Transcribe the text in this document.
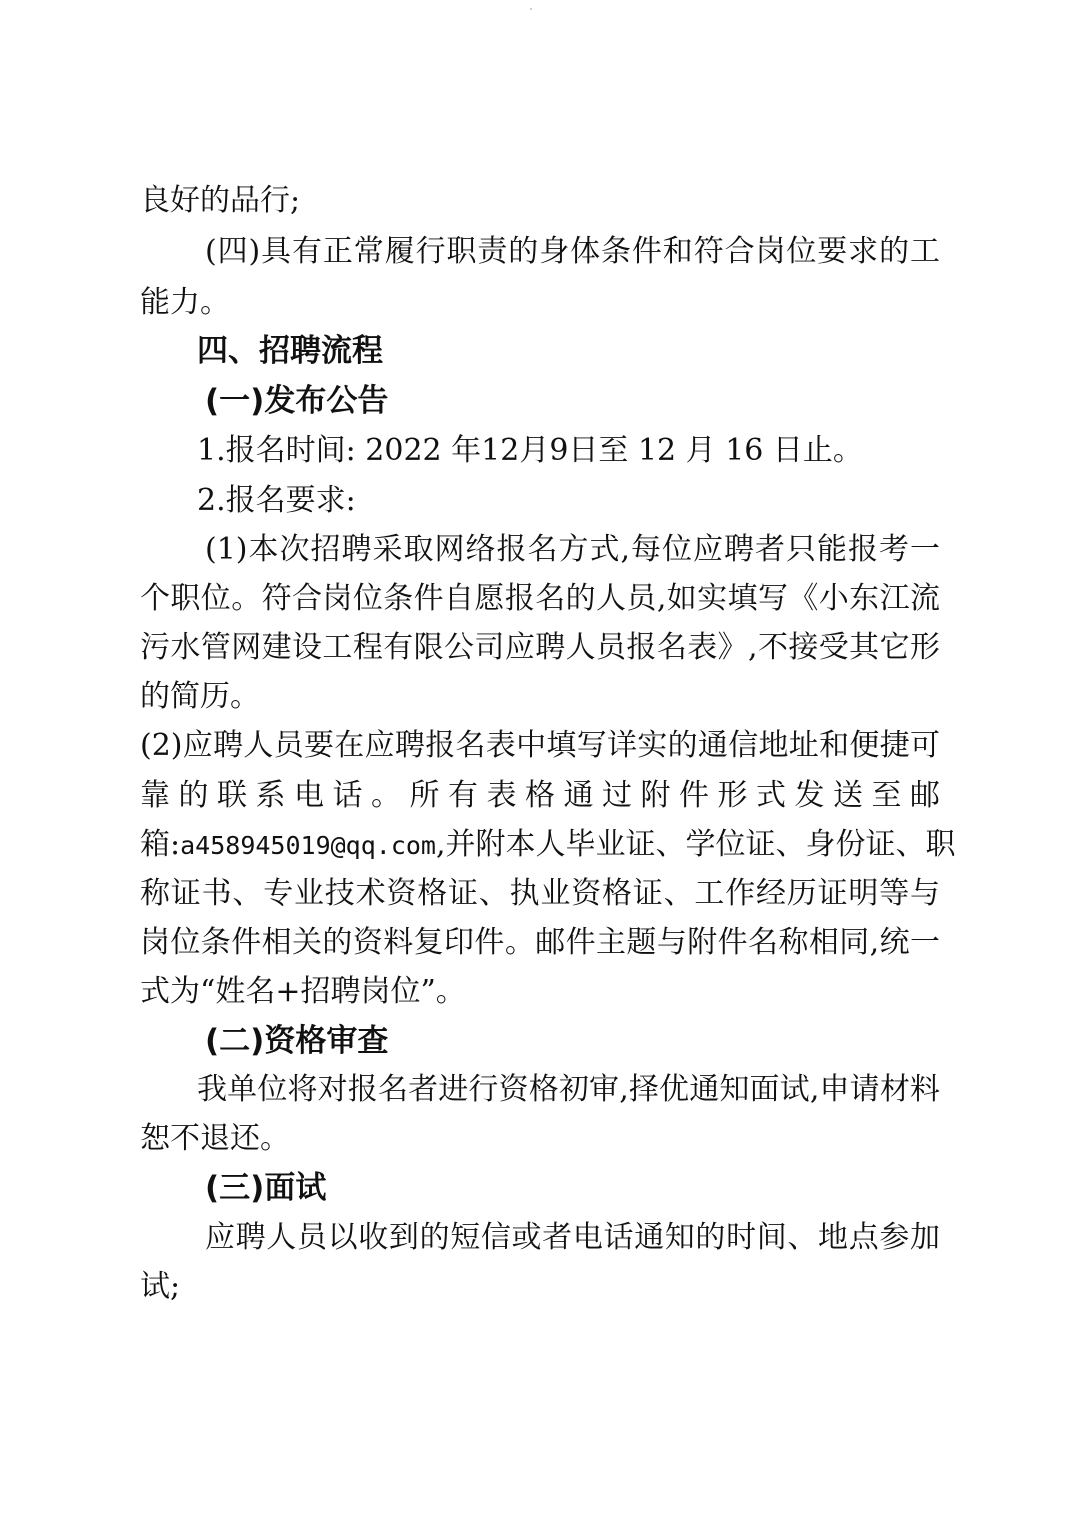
良好的品行;
(四)具有正常履行职责的身体条件和符合岗位要求的工
能力。
四、招聘流程
(一)发布公告
1.报名时间: 2022 年12月9日至 12 月 16 日止。
2.报名要求:
(1)本次招聘采取网络报名方式,每位应聘者只能报考一
个职位。符合岗位条件自愿报名的人员,如实填写《小东江流
污水管网建设工程有限公司应聘人员报名表》,不接受其它形
的简历。
(2)应聘人员要在应聘报名表中填写详实的通信地址和便捷可
靠的联系电话。所有表格通过附件形式发送至邮
箱:a458945019@qq.com,并附本人毕业证、学位证、身份证、职
称证书、专业技术资格证、执业资格证、工作经历证明等与
岗位条件相关的资料复印件。邮件主题与附件名称相同,统一
式为“姓名+招聘岗位”。
(二)资格审查
我单位将对报名者进行资格初审,择优通知面试,申请材料
恕不退还。
(三)面试
应聘人员以收到的短信或者电话通知的时间、地点参加
试;
